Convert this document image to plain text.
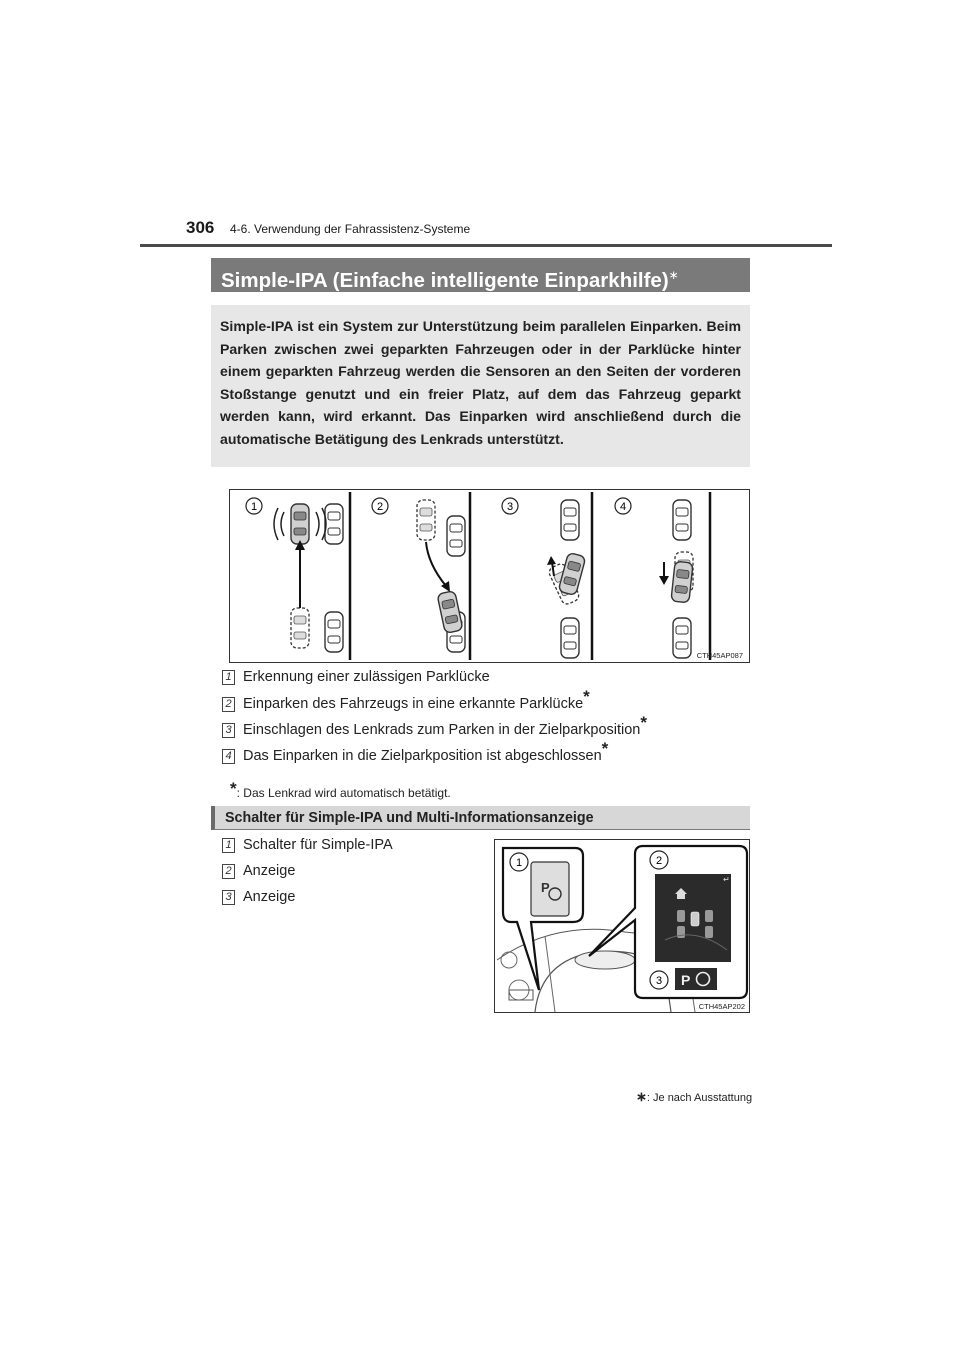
306 4-6. Verwendung der Fahrassistenz-Systeme
Simple-IPA (Einfache intelligente Einparkhilfe)∗
Simple-IPA ist ein System zur Unterstützung beim parallelen Einparken. Beim Parken zwischen zwei geparkten Fahrzeugen oder in der Parklücke hinter einem geparkten Fahrzeug werden die Sensoren an den Seiten der vorderen Stoßstange genutzt und ein freier Platz, auf dem das Fahrzeug geparkt werden kann, wird erkannt. Das Einparken wird anschließend durch die automatische Betätigung des Lenkrads unterstützt.
1	2	3	4
CTH45AP087
1 Erkennung einer zulässigen Parklücke
2 Einparken des Fahrzeugs in eine erkannte Parklücke*
3 Einschlagen des Lenkrads zum Parken in der Zielparkposition*
4 Das Einparken in die Zielparkposition ist abgeschlossen*
*: Das Lenkrad wird automatisch betätigt.
Schalter für Simple-IPA und Multi-Informationsanzeige
1 Schalter für Simple-IPA
2 Anzeige
3 Anzeige
P
1
↵
P
2
3
CTH45AP202
∗: Je nach Ausstattung
